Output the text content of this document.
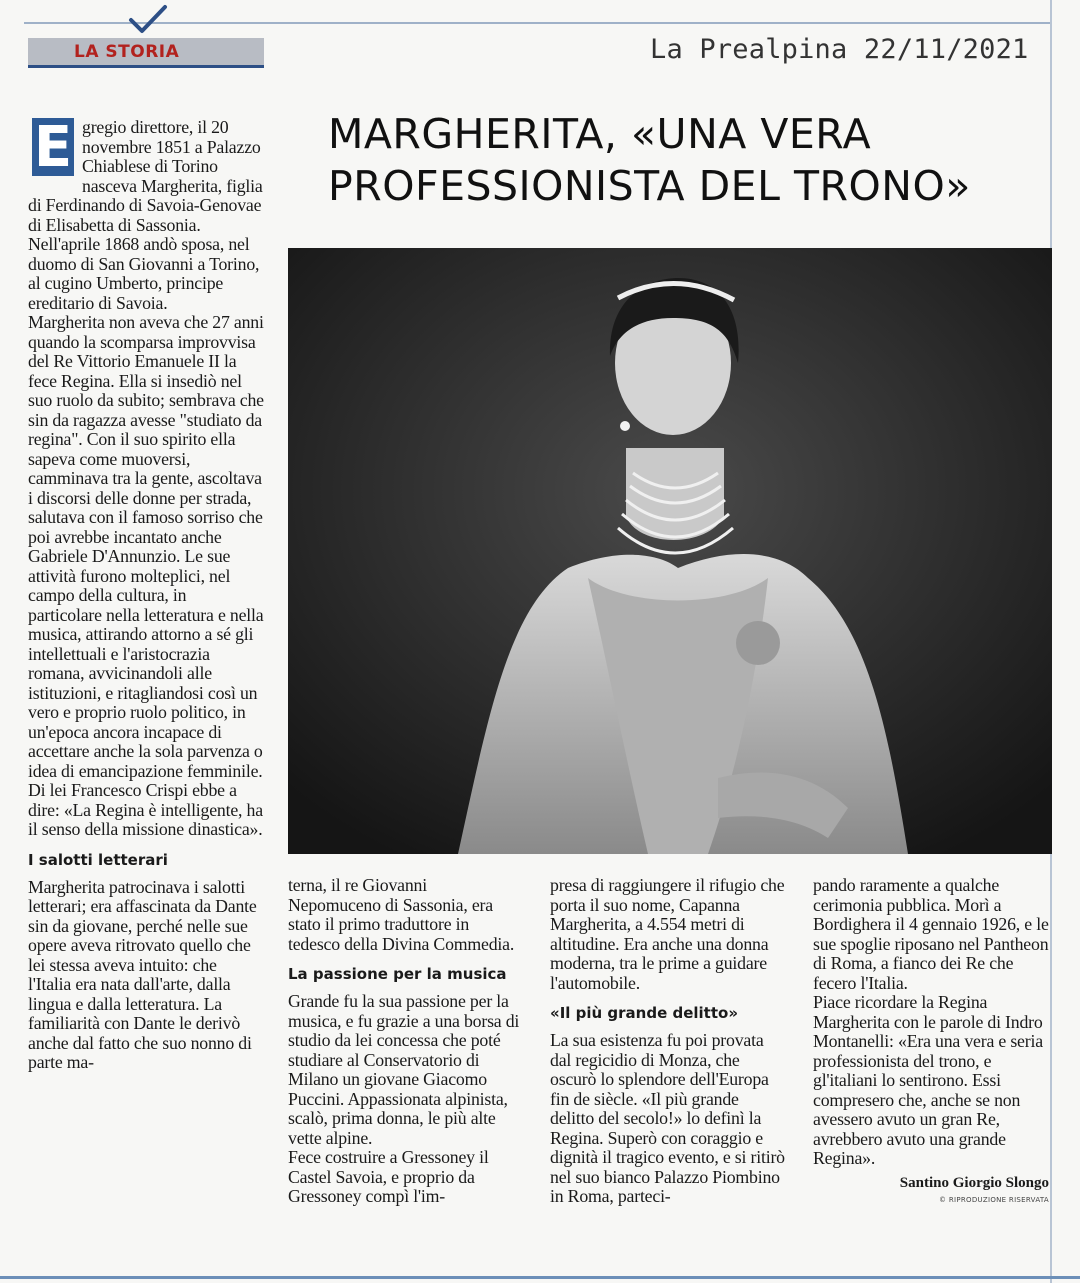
LA STORIA	La Prealpina 22/11/2021
MARGHERITA, «UNA VERA
PROFESSIONISTA DEL TRONO»
E gregio direttore, il 20 novembre 1851 a Palazzo Chiablese di Torino nasceva Margherita, figlia di Ferdinando di Savoia-Genovae di Elisabetta di Sassonia. Nell'aprile 1868 andò sposa, nel duomo di San Giovanni a Torino, al cugino Umberto, principe ereditario di Savoia.

Margherita non aveva che 27 anni quando la scomparsa improvvisa del Re Vittorio Emanuele II la fece Regina. Ella si insediò nel suo ruolo da subito; sembrava che sin da ragazza avesse "studiato da regina". Con il suo spirito ella sapeva come muoversi, camminava tra la gente, ascoltava i discorsi delle donne per strada, salutava con il famoso sorriso che poi avrebbe incantato anche Gabriele D'Annunzio. Le sue attività furono molteplici, nel campo della cultura, in particolare nella letteratura e nella musica, attirando attorno a sé gli intellettuali e l'aristocrazia romana, avvicinandoli alle istituzioni, e ritagliandosi così un vero e proprio ruolo politico, in un'epoca ancora incapace di accettare anche la sola parvenza o idea di emancipazione femminile. Di lei Francesco Crispi ebbe a dire: «La Regina è intelligente, ha il senso della missione dinastica».

I salotti letterari

Margherita patrocinava i salotti letterari; era affascinata da Dante sin da giovane, perché nelle sue opere aveva ritrovato quello che lei stessa aveva intuito: che l'Italia era nata dall'arte, dalla lingua e dalla letteratura. La familiarità con Dante le derivò anche dal fatto che suo nonno di parte ma-

terna, il re Giovanni Nepomuceno di Sassonia, era stato il primo traduttore in tedesco della Divina Commedia.

La passione per la musica

Grande fu la sua passione per la musica, e fu grazie a una borsa di studio da lei concessa che poté studiare al Conservatorio di Milano un giovane Giacomo Puccini. Appassionata alpinista, scalò, prima donna, le più alte vette alpine.

Fece costruire a Gressoney il Castel Savoia, e proprio da Gressoney compì l'im-

presa di raggiungere il rifugio che porta il suo nome, Capanna Margherita, a 4.554 metri di altitudine. Era anche una donna moderna, tra le prime a guidare l'automobile.

«Il più grande delitto»

La sua esistenza fu poi provata dal regicidio di Monza, che oscurò lo splendore dell'Europa fin de siècle. «Il più grande delitto del secolo!» lo definì la Regina. Superò con coraggio e dignità il tragico evento, e si ritirò nel suo bianco Palazzo Piombino in Roma, parteci-

pando raramente a qualche cerimonia pubblica. Morì a Bordighera il 4 gennaio 1926, e le sue spoglie riposano nel Pantheon di Roma, a fianco dei Re che fecero l'Italia.

Piace ricordare la Regina Margherita con le parole di Indro Montanelli: «Era una vera e seria professionista del trono, e gl'italiani lo sentirono. Essi compresero che, anche se non avessero avuto un gran Re, avrebbero avuto una grande Regina».

Santino Giorgio Slongo
© RIPRODUZIONE RISERVATA
